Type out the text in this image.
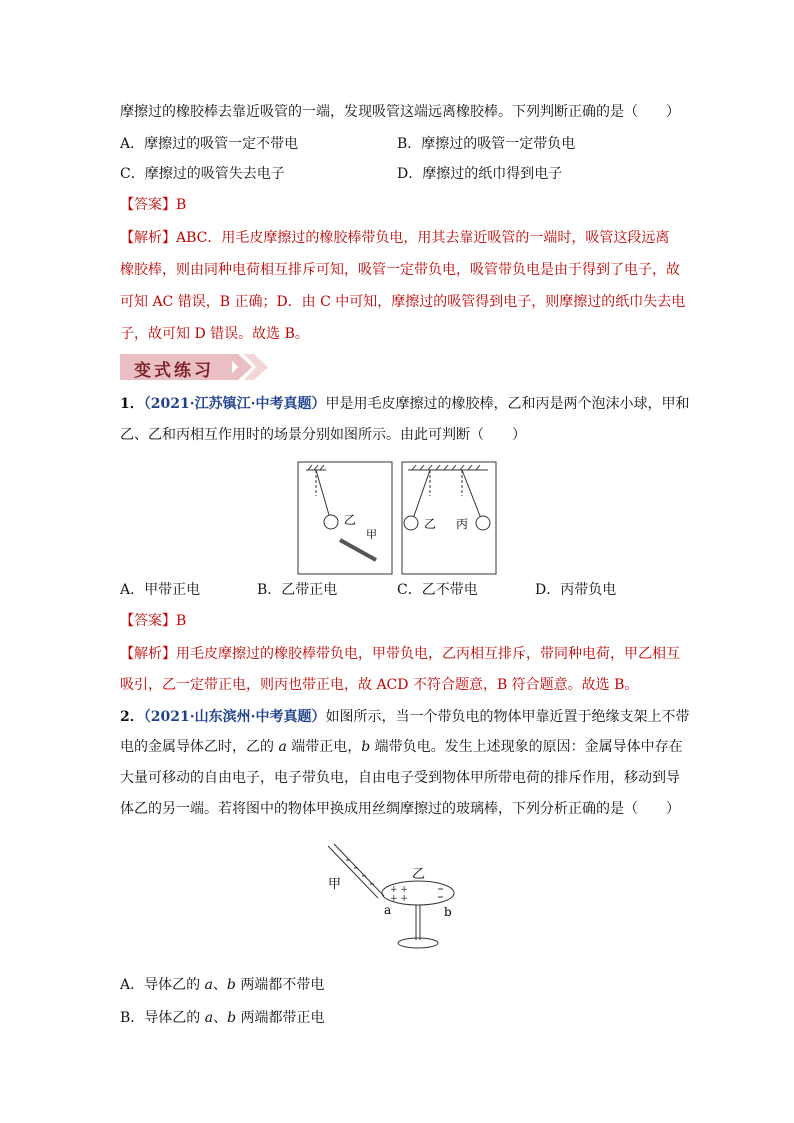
摩擦过的橡胶棒去靠近吸管的一端，发现吸管这端远离橡胶棒。下列判断正确的是（　　）
A．摩擦过的吸管一定不带电	B．摩擦过的吸管一定带负电
C．摩擦过的吸管失去电子	D．摩擦过的纸巾得到电子
【答案】B
【解析】ABC．用毛皮摩擦过的橡胶棒带负电，用其去靠近吸管的一端时，吸管这段远离
橡胶棒，则由同种电荷相互排斥可知，吸管一定带负电，吸管带负电是由于得到了电子，故
可知 AC 错误，B 正确；D．由 C 中可知，摩擦过的吸管得到电子，则摩擦过的纸巾失去电
子，故可知 D 错误。故选 B。
变式练习
1．（2021·江苏镇江·中考真题）甲是用毛皮摩擦过的橡胶棒，乙和丙是两个泡沫小球，甲和
乙、乙和丙相互作用时的场景分别如图所示。由此可判断（　　）
乙
甲
乙 丙
A．甲带正电	B．乙带正电	C．乙不带电	D．丙带负电
【答案】B
【解析】用毛皮摩擦过的橡胶棒带负电，甲带负电，乙丙相互排斥，带同种电荷，甲乙相互
吸引，乙一定带正电，则丙也带正电，故 ACD 不符合题意，B 符合题意。故选 B。
2．（2021·山东滨州·中考真题）如图所示，当一个带负电的物体甲靠近置于绝缘支架上不带
电的金属导体乙时，乙的 a 端带正电，b 端带负电。发生上述现象的原因：金属导体中存在
大量可移动的自由电子，电子带负电，自由电子受到物体甲所带电荷的排斥作用，移动到导
体乙的另一端。若将图中的物体甲换成用丝绸摩擦过的玻璃棒，下列分析正确的是（　　）
+ +
+ +
甲
乙
a	b
A．导体乙的 a、b 两端都不带电
B．导体乙的 a、b 两端都带正电
